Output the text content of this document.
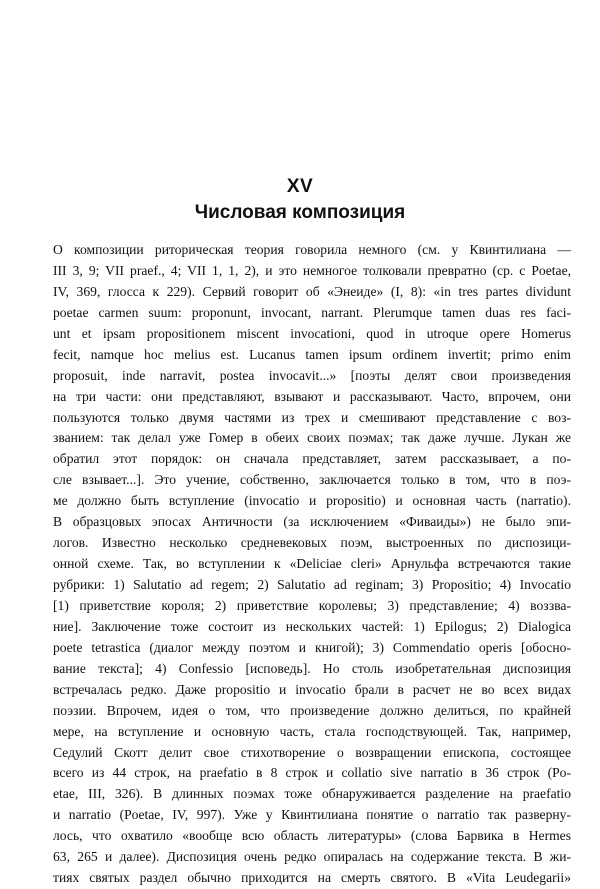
XV
Числовая композиция
О композиции риторическая теория говорила немного (см. у Квинтилиана —
III 3, 9; VII praef., 4; VII 1, 1, 2), и это немногое толковали превратно (ср. с Poetae,
IV, 369, глосса к 229). Сервий говорит об «Энеиде» (I, 8): «in tres partes dividunt
poetae carmen suum: proponunt, invocant, narrant. Plerumque tamen duas res faci-
unt et ipsam propositionem miscent invocationi, quod in utroque opere Homerus
fecit, namque hoc melius est. Lucanus tamen ipsum ordinem invertit; primo enim
proposuit, inde narravit, postea invocavit...» [поэты делят свои произведения
на три части: они представляют, взывают и рассказывают. Часто, впрочем, они
пользуются только двумя частями из трех и смешивают представление с воз-
званием: так делал уже Гомер в обеих своих поэмах; так даже лучше. Лукан же
обратил этот порядок: он сначала представляет, затем рассказывает, а по-
сле взывает...]. Это учение, собственно, заключается только в том, что в поэ-
ме должно быть вступление (invocatio и propositio) и основная часть (narratio).
В образцовых эпосах Античности (за исключением «Фиваиды») не было эпи-
логов. Известно несколько средневековых поэм, выстроенных по диспозици-
онной схеме. Так, во вступлении к «Deliciae cleri» Арнульфа встречаются такие
рубрики: 1) Salutatio ad regem; 2) Salutatio ad reginam; 3) Propositio; 4) Invocatio
[1) приветствие короля; 2) приветствие королевы; 3) представление; 4) воззва-
ние]. Заключение тоже состоит из нескольких частей: 1) Epilogus; 2) Dialogica
poete tetrastica (диалог между поэтом и книгой); 3) Commendatio operis [обосно-
вание текста]; 4) Confessio [исповедь]. Но столь изобретательная диспозиция
встречалась редко. Даже propositio и invocatio брали в расчет не во всех видах
поэзии. Впрочем, идея о том, что произведение должно делиться, по крайней
мере, на вступление и основную часть, стала господствующей. Так, например,
Седулий Скотт делит свое стихотворение о возвращении епископа, состоящее
всего из 44 строк, на praefatio в 8 строк и collatio sive narratio в 36 строк (Po-
etae, III, 326). В длинных поэмах тоже обнаруживается разделение на praefatio
и narratio (Poetae, IV, 997). Уже у Квинтилиана понятие о narratio так разверну-
лось, что охватило «вообще всю область литературы» (слова Барвика в Hermes
63, 265 и далее). Диспозиция очень редко опиралась на содержание текста. В жи-
тиях святых раздел обычно приходится на смерть святого. В «Vita Leudegarii»
